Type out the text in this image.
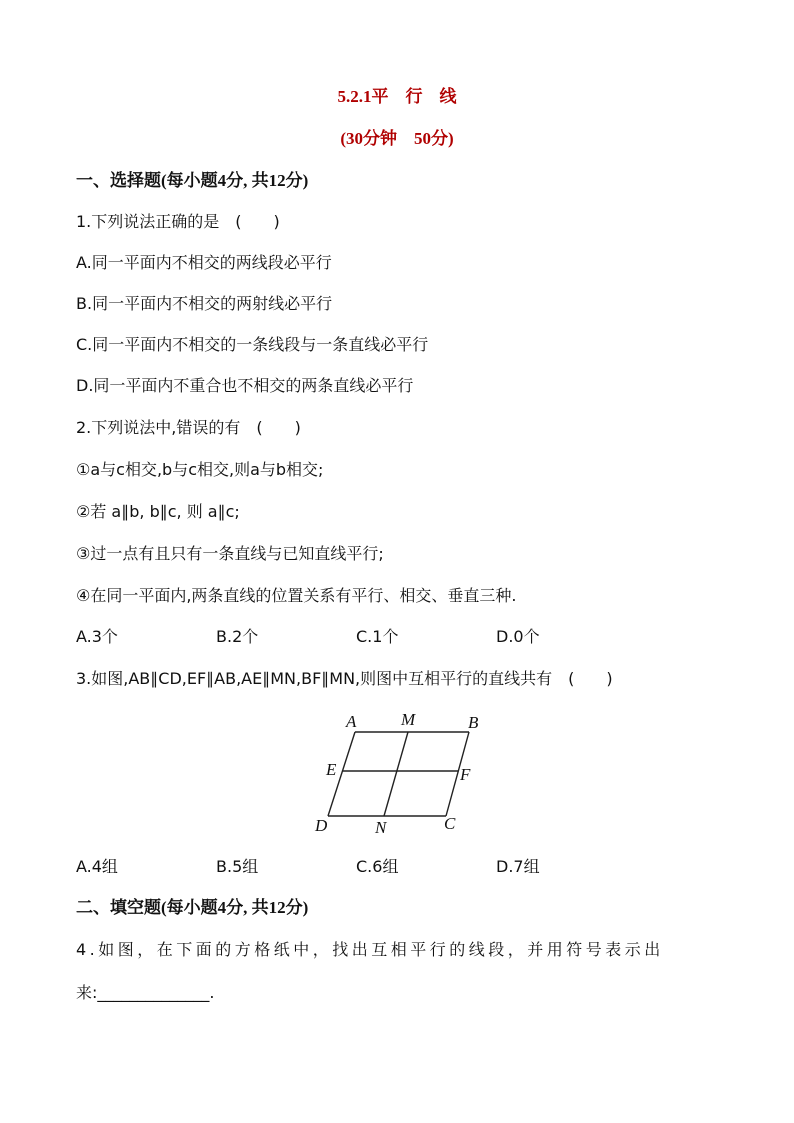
5.2.1平　行　线
(30分钟　50分)
一、选择题(每小题4分, 共12分)
1.下列说法正确的是　(　　)
A.同一平面内不相交的两线段必平行
B.同一平面内不相交的两射线必平行
C.同一平面内不相交的一条线段与一条直线必平行
D.同一平面内不重合也不相交的两条直线必平行
2.下列说法中,错误的有　(　　)
①a与c相交,b与c相交,则a与b相交;
②若 a∥b, b∥c, 则 a∥c;
③过一点有且只有一条直线与已知直线平行;
④在同一平面内,两条直线的位置关系有平行、相交、垂直三种.
A.3个	B.2个	C.1个	D.0个
3.如图,AB∥CD,EF∥AB,AE∥MN,BF∥MN,则图中互相平行的直线共有　(　　)
A	M	B
E	F
D	N	C
A.4组	B.5组	C.6组	D.7组
二、填空题(每小题4分, 共12分)
4.如图，在下面的方格纸中，找出互相平行的线段，并用符号表示出
来:______________.
